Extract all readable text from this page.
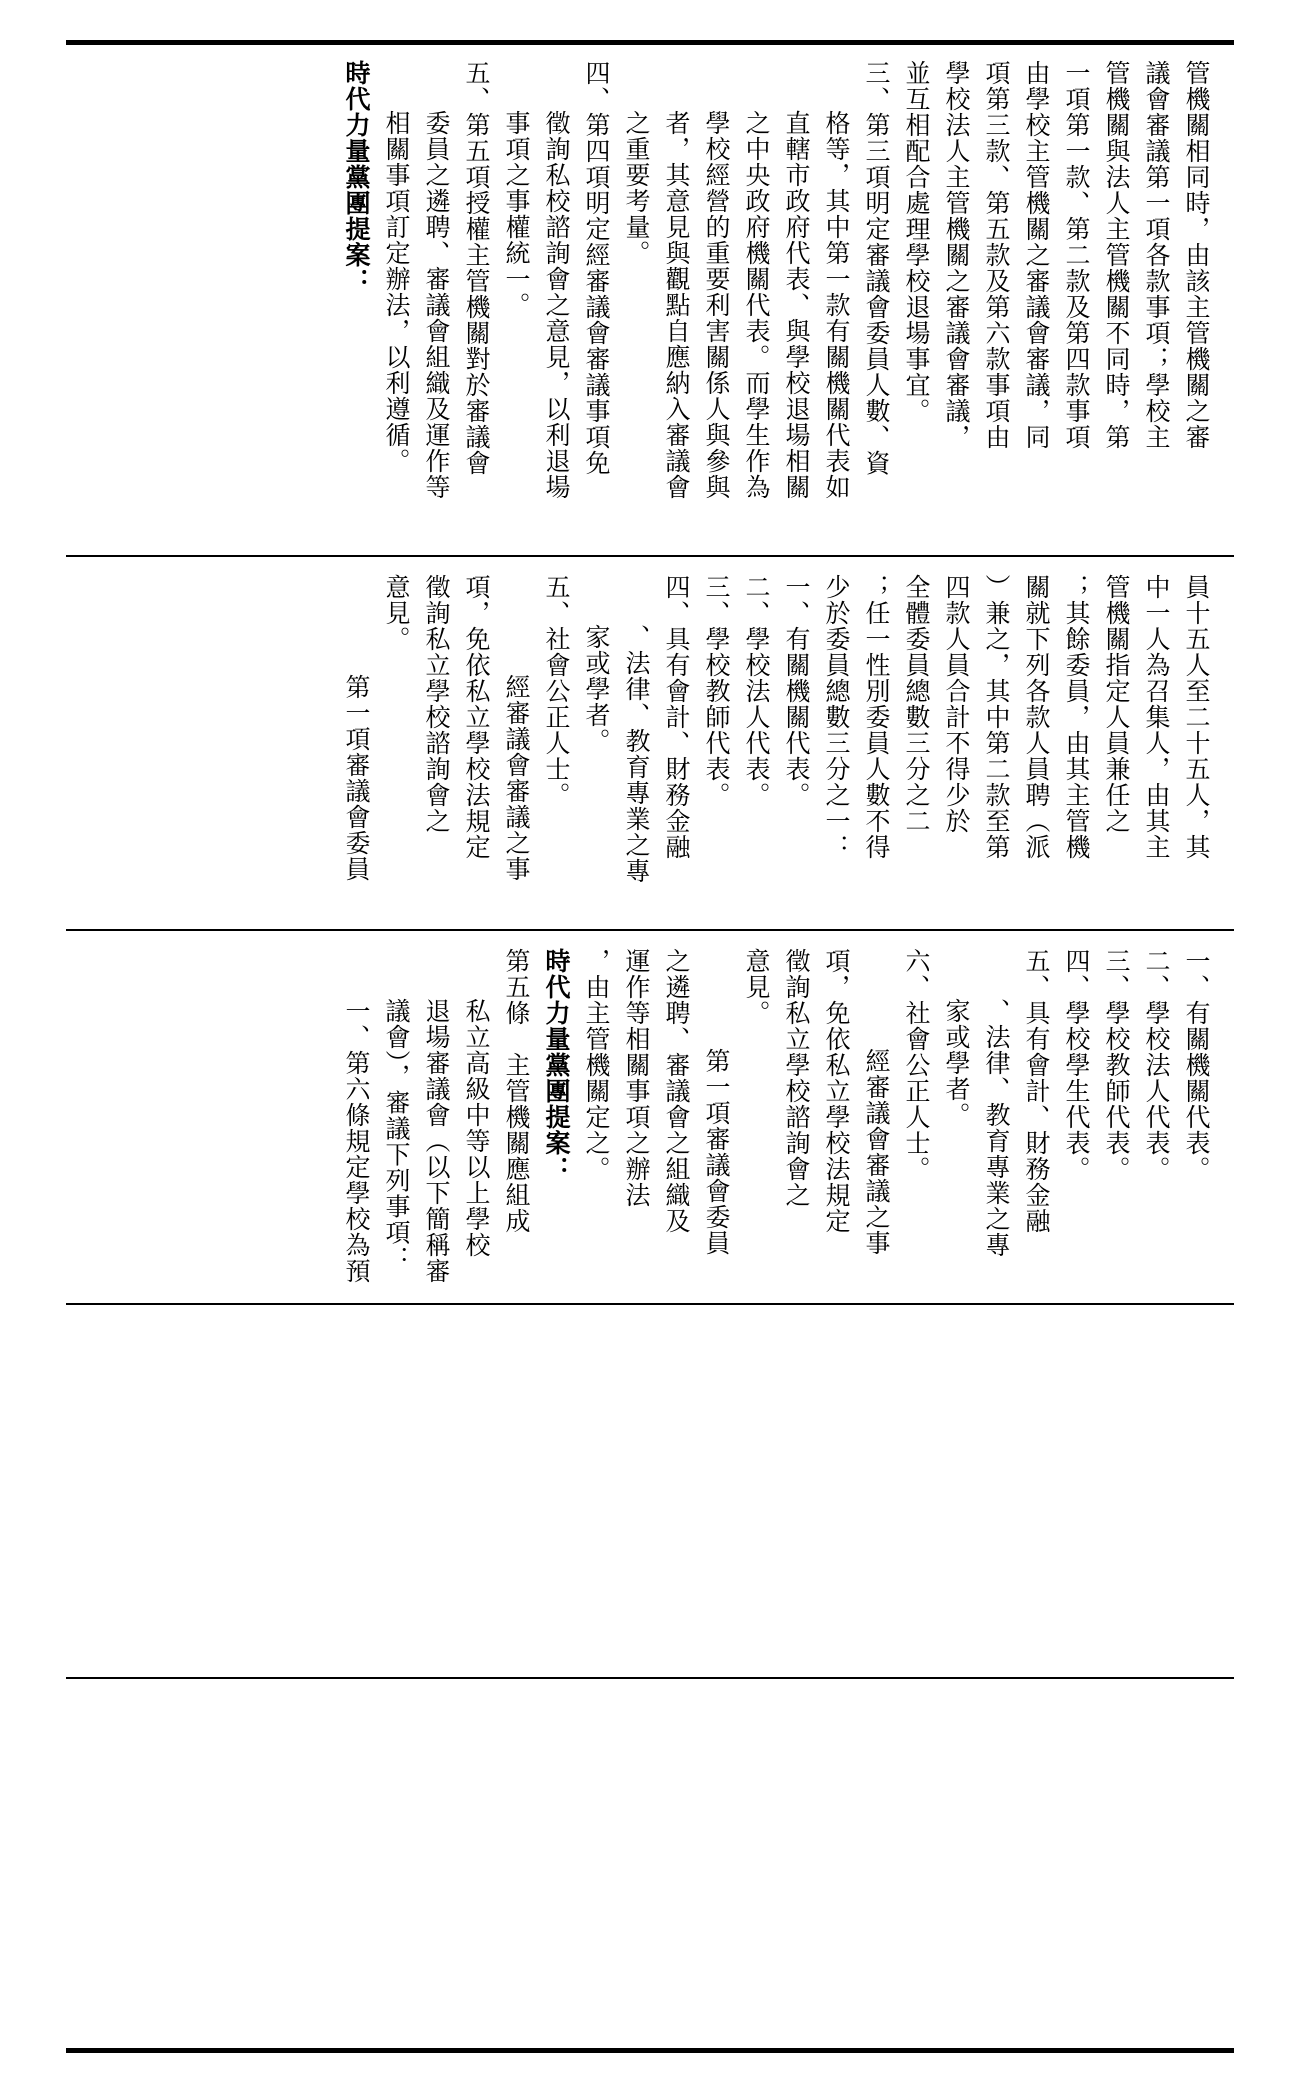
管機關相同時，由該主管機關之審
議會審議第一項各款事項；學校主
管機關與法人主管機關不同時，第
一項第一款、第二款及第四款事項
由學校主管機關之審議會審議，同
項第三款、第五款及第六款事項由
學校法人主管機關之審議會審議，
並互相配合處理學校退場事宜。
三、第三項明定審議會委員人數、資
格等，其中第一款有關機關代表如
直轄市政府代表、與學校退場相關
之中央政府機關代表。而學生作為
學校經營的重要利害關係人與參與
者，其意見與觀點自應納入審議會
之重要考量。
四、第四項明定經審議會審議事項免
徵詢私校諮詢會之意見，以利退場
事項之事權統一。
五、第五項授權主管機關對於審議會
委員之遴聘、審議會組織及運作等
相關事項訂定辦法，以利遵循。
時代力量黨團提案：
員十五人至二十五人，其
中一人為召集人，由其主
管機關指定人員兼任之
；其餘委員，由其主管機
關就下列各款人員聘（派
）兼之，其中第二款至第
四款人員合計不得少於
全體委員總數三分之二
；任一性別委員人數不得
少於委員總數三分之一：
一、有關機關代表。
二、學校法人代表。
三、學校教師代表。
四、具有會計、財務金融
、法律、教育專業之專
家或學者。
五、社會公正人士。
經審議會審議之事
項，免依私立學校法規定
徵詢私立學校諮詢會之
意見。
第一項審議會委員
一、有關機關代表。
二、學校法人代表。
三、學校教師代表。
四、學校學生代表。
五、具有會計、財務金融
、法律、教育專業之專
家或學者。
六、社會公正人士。
經審議會審議之事
項，免依私立學校法規定
徵詢私立學校諮詢會之
意見。
第一項審議會委員
之遴聘、審議會之組織及
運作等相關事項之辦法
，由主管機關定之。
時代力量黨團提案：
第五條　主管機關應組成
私立高級中等以上學校
退場審議會（以下簡稱審
議會），審議下列事項：
一、第六條規定學校為預
